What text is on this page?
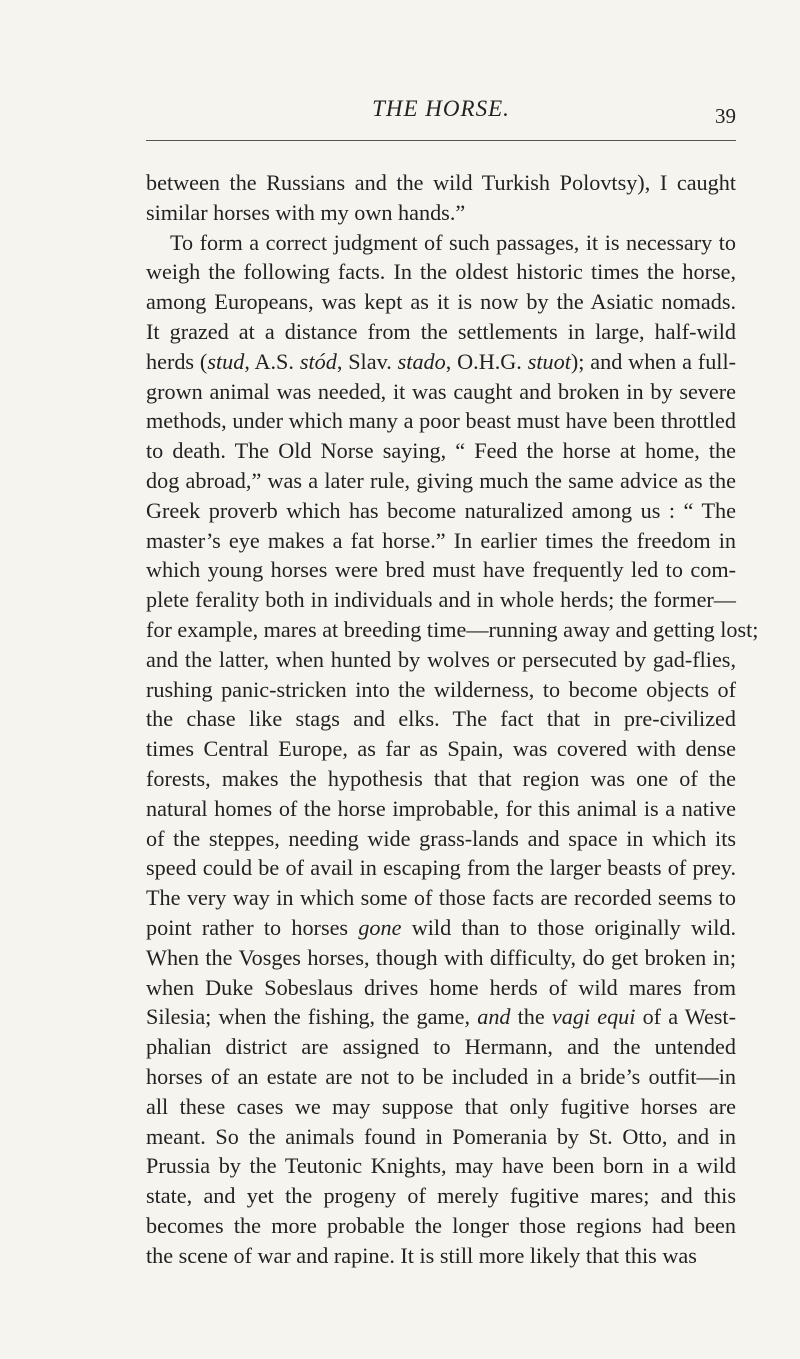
THE HORSE.	39
between the Russians and the wild Turkish Polovtsy), I caught
similar horses with my own hands.”
To form a correct judgment of such passages, it is necessary to
weigh the following facts. In the oldest historic times the horse,
among Europeans, was kept as it is now by the Asiatic nomads.
It grazed at a distance from the settlements in large, half-wild
herds (stud, A.S. stód, Slav. stado, O.H.G. stuot); and when a full-
grown animal was needed, it was caught and broken in by severe
methods, under which many a poor beast must have been throttled
to death. The Old Norse saying, “ Feed the horse at home, the
dog abroad,” was a later rule, giving much the same advice as the
Greek proverb which has become naturalized among us : “ The
master’s eye makes a fat horse.” In earlier times the freedom in
which young horses were bred must have frequently led to com-
plete ferality both in individuals and in whole herds; the former—
for example, mares at breeding time—running away and getting lost;
and the latter, when hunted by wolves or persecuted by gad-flies,
rushing panic-stricken into the wilderness, to become objects of
the chase like stags and elks. The fact that in pre-civilized
times Central Europe, as far as Spain, was covered with dense
forests, makes the hypothesis that that region was one of the
natural homes of the horse improbable, for this animal is a native
of the steppes, needing wide grass-lands and space in which its
speed could be of avail in escaping from the larger beasts of prey.
The very way in which some of those facts are recorded seems to
point rather to horses gone wild than to those originally wild.
When the Vosges horses, though with difficulty, do get broken in;
when Duke Sobeslaus drives home herds of wild mares from
Silesia; when the fishing, the game, and the vagi equi of a West-
phalian district are assigned to Hermann, and the untended
horses of an estate are not to be included in a bride’s outfit—in
all these cases we may suppose that only fugitive horses are
meant. So the animals found in Pomerania by St. Otto, and in
Prussia by the Teutonic Knights, may have been born in a wild
state, and yet the progeny of merely fugitive mares; and this
becomes the more probable the longer those regions had been
the scene of war and rapine. It is still more likely that this was
